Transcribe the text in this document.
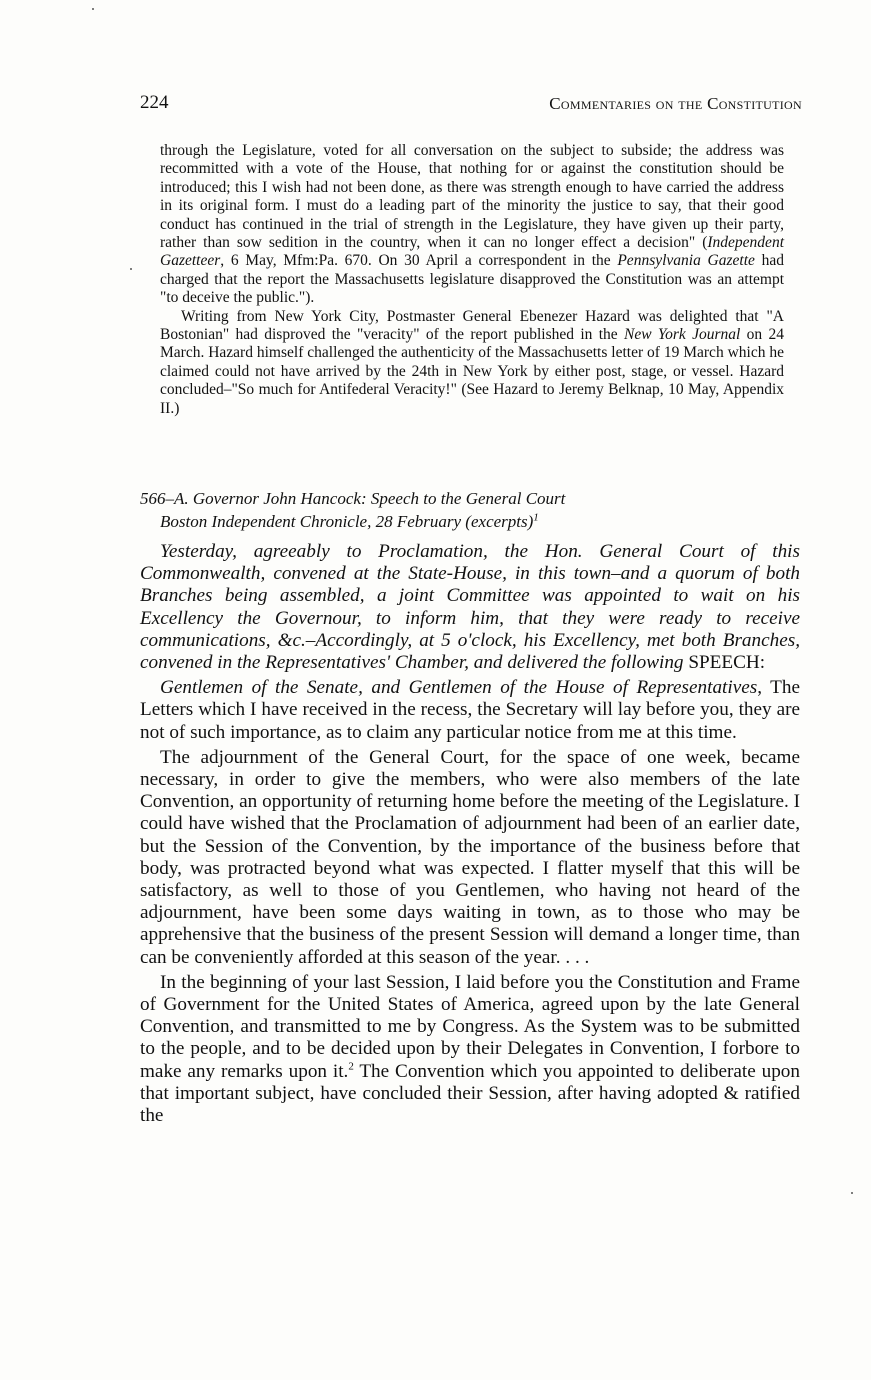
224	Commentaries on the Constitution

through the Legislature, voted for all conversation on the subject to subside; the address was recommitted with a vote of the House, that nothing for or against the constitution should be introduced; this I wish had not been done, as there was strength enough to have carried the address in its original form. I must do a leading part of the minority the justice to say, that their good conduct has continued in the trial of strength in the Legislature, they have given up their party, rather than sow sedition in the country, when it can no longer effect a decision" (Independent Gazetteer, 6 May, Mfm:Pa. 670. On 30 April a correspondent in the Pennsylvania Gazette had charged that the report the Massachusetts legislature disapproved the Constitution was an attempt "to deceive the public.").

Writing from New York City, Postmaster General Ebenezer Hazard was delighted that "A Bostonian" had disproved the "veracity" of the report published in the New York Journal on 24 March. Hazard himself challenged the authenticity of the Massachusetts letter of 19 March which he claimed could not have arrived by the 24th in New York by either post, stage, or vessel. Hazard concluded–"So much for Antifederal Veracity!" (See Hazard to Jeremy Belknap, 10 May, Appendix II.)

566–A. Governor John Hancock: Speech to the General Court
Boston Independent Chronicle, 28 February (excerpts)$^1$

Yesterday, agreeably to Proclamation, the Hon. General Court of this Commonwealth, convened at the State-House, in this town–and a quorum of both Branches being assembled, a joint Committee was appointed to wait on his Excellency the Governour, to inform him, that they were ready to receive communications, &c.–Accordingly, at 5 o'clock, his Excellency, met both Branches, convened in the Representatives' Chamber, and delivered the following SPEECH:

Gentlemen of the Senate, and Gentlemen of the House of Representatives, The Letters which I have received in the recess, the Secretary will lay before you, they are not of such importance, as to claim any particular notice from me at this time.

The adjournment of the General Court, for the space of one week, became necessary, in order to give the members, who were also members of the late Convention, an opportunity of returning home before the meeting of the Legislature. I could have wished that the Proclamation of adjournment had been of an earlier date, but the Session of the Convention, by the importance of the business before that body, was protracted beyond what was expected. I flatter myself that this will be satisfactory, as well to those of you Gentlemen, who having not heard of the adjournment, have been some days waiting in town, as to those who may be apprehensive that the business of the present Session will demand a longer time, than can be conveniently afforded at this season of the year. . . .

In the beginning of your last Session, I laid before you the Constitution and Frame of Government for the United States of America, agreed upon by the late General Convention, and transmitted to me by Congress. As the System was to be submitted to the people, and to be decided upon by their Delegates in Convention, I forbore to make any remarks upon it.$^2$ The Convention which you appointed to deliberate upon that important subject, have concluded their Session, after having adopted & ratified the
